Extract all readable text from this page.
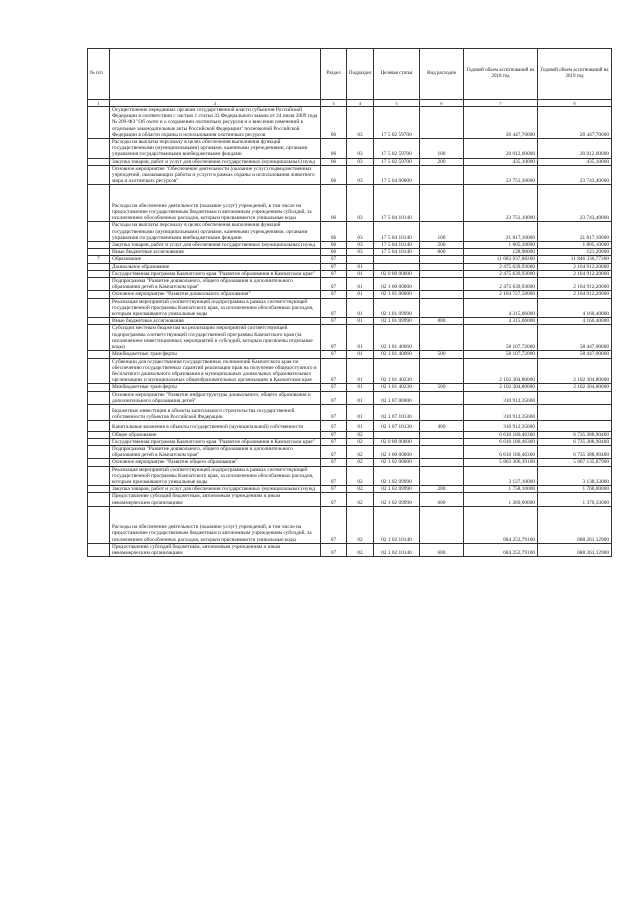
№ п/п		Раздел	Подраздел	Целевая статья	Вид расходов	Годовой объем ассигнований на 2018 год	Годовой объем ассигнований на 2019 год
1	2	3	4	5	6	7	8
	Осуществление переданных органам государственной власти субъектов Российской Федерации в соответствии с частью 1 статьи 33 Федерального закона от 24 июля 2009 года № 209-ФЗ "Об охоте и о сохранении охотничьих ресурсов и о внесении изменений в отдельные законодательные акты Российской Федерации" полномочий Российской Федерации в области охраны и использования охотничьих ресурсов	06	03	17 5 02 59700		20 447,70000	20 447,70000
	Расходы на выплаты персоналу в целях обеспечения выполнения функций государственными (муниципальными) органами, казенными учреждениями, органами управления государственными внебюджетными фондами	06	03	17 5 02 59700	100	20 012,60000	20 012,60000
	Закупка товаров, работ и услуг для обеспечения государственных (муниципальных) нужд	06	03	17 5 02 59700	200	435,10000	435,10000
	Основное мероприятие "Обеспечение деятельности (оказание услуг) подведомственных учреждений, оказывающих работы и услуги в рамках охраны и использования животного мира и охотничьих ресурсов"	06	03	17 5 04 00000		23 751,10000	23 743,40000
	Расходы на обеспечение деятельности (оказание услуг) учреждений, в том числе на предоставление государственным бюджетным и автономным учреждениям субсидий, за исключением обособленных расходов, которым присваиваются уникальные коды	06	03	17 5 04 10140		23 751,10000	23 743,40000
	Расходы на выплаты персоналу в целях обеспечения выполнения функций государственными (муниципальными) органами, казенными учреждениями, органами управления государственными внебюджетными фондами	06	03	17 5 04 10140	100	21 817,10000	21 817,10000
	Закупка товаров, работ и услуг для обеспечения государственных (муниципальных) нужд	06	03	17 5 04 10140	200	1 805,10000	1 805,10000
	Иные бюджетные ассигнования	06	03	17 5 04 10140	800	128,90000	121,20000
7	Образование	07				11 683 937,88200	11 846 336,77300
	Дошкольное образование	07	01			2 475 639,93000	2 164 912,20000
	Государственная программа Камчатского края "Развитие образования в Камчатском крае"	07	01	02 0 00 00000		2 475 639,93000	2 164 912,20000
	Подпрограмма "Развитие дошкольного, общего образования и дополнительного образования детей в Камчатском крае"	07	01	02 1 00 00000		2 475 639,93000	2 164 912,20000
	Основное мероприятие "Развитие дошкольного образования"	07	01	02 1 01 00000		2 164 727,58000	2 164 912,20000
	Реализация мероприятий соответствующей подпрограммы в рамках соответствующей государственной программы Камчатского края, за исключением обособленных расходов, которым присваиваются уникальные коды	07	01	02 1 01 09990		4 315,06000	4 160,40000
	Иные бюджетные ассигнования	07	01	02 1 01 09990	800	4 315,06000	4 160,40000
	Субсидии местным бюджетам на реализацию мероприятий соответствующей подпрограммы соответствующей государственной программы Камчатского края (за исключением инвестиционных мероприятий и субсидий, которым присвоены отдельные коды)	07	01	02 1 01 40060		58 107,72000	58 447,00000
	Межбюджетные трансферты	07	01	02 1 01 40060	500	58 107,72000	58 447,00000
	Субвенции для осуществления государственных полномочий Камчатского края по обеспечению государственных гарантий реализации прав на получение общедоступного и бесплатного дошкольного образования в муниципальных дошкольных образовательных организациях и муниципальных общеобразовательных организациях в Камчатском крае	07	01	02 1 01 40230		2 102 304,80000	2 102 304,80000
	Межбюджетные трансферты	07	01	02 1 01 40230	500	2 102 304,80000	2 102 304,80000
	Основное мероприятие "Развитие инфраструктуры дошкольного, общего образования и дополнительного образования детей"	07	01	02 1 07 00000		310 912,35000	
	Бюджетные инвестиции в объекты капитального строительства государственной собственности субъектов Российской Федерации	07	01	02 1 07 10130		310 912,35000	
	Капитальные вложения в объекты государственной (муниципальной) собственности	07	01	02 1 07 10130	400	310 912,35000	
	Общее образование	07	02			6 610 180,46300	6 735 388,90400
	Государственная программа Камчатского края "Развитие образования в Камчатском крае"	07	02	02 0 00 00000		6 610 180,46300	6 735 388,90400
	Подпрограмма "Развитие дошкольного, общего образования и дополнительного образования детей в Камчатском крае"	07	02	02 1 00 00000		6 610 180,46300	6 735 388,90400
	Основное мероприятие "Развитие общего образования"	07	02	02 1 02 00000		5 863 306,39100	5 867 135,87900
	Реализация мероприятий соответствующей подпрограммы в рамках соответствующей государственной программы Камчатского края, за исключением обособленных расходов, которым присваиваются уникальные коды	07	02	02 1 02 09990		3 127,10000	3 138,33000
	Закупка товаров, работ и услуг для обеспечения государственных (муниципальных) нужд	07	02	02 1 02 09990	200	1 758,10000	1 768,00000
	Предоставление субсидий бюджетным, автономным учреждениям и иным некоммерческим организациям	07	02	02 1 02 09990	600	1 369,00000	1 370,33000
	Расходы на обеспечение деятельности (оказание услуг) учреждений, в том числе на предоставление государственным бюджетным и автономным учреждениям субсидий, за исключением обособленных расходов, которым присваиваются уникальные коды	07	02	02 1 02 10140		684 252,79100	688 261,12900
	Предоставление субсидий бюджетным, автономным учреждениям и иным некоммерческим организациям	07	02	02 1 02 10140	600	684 252,79100	688 261,12900
